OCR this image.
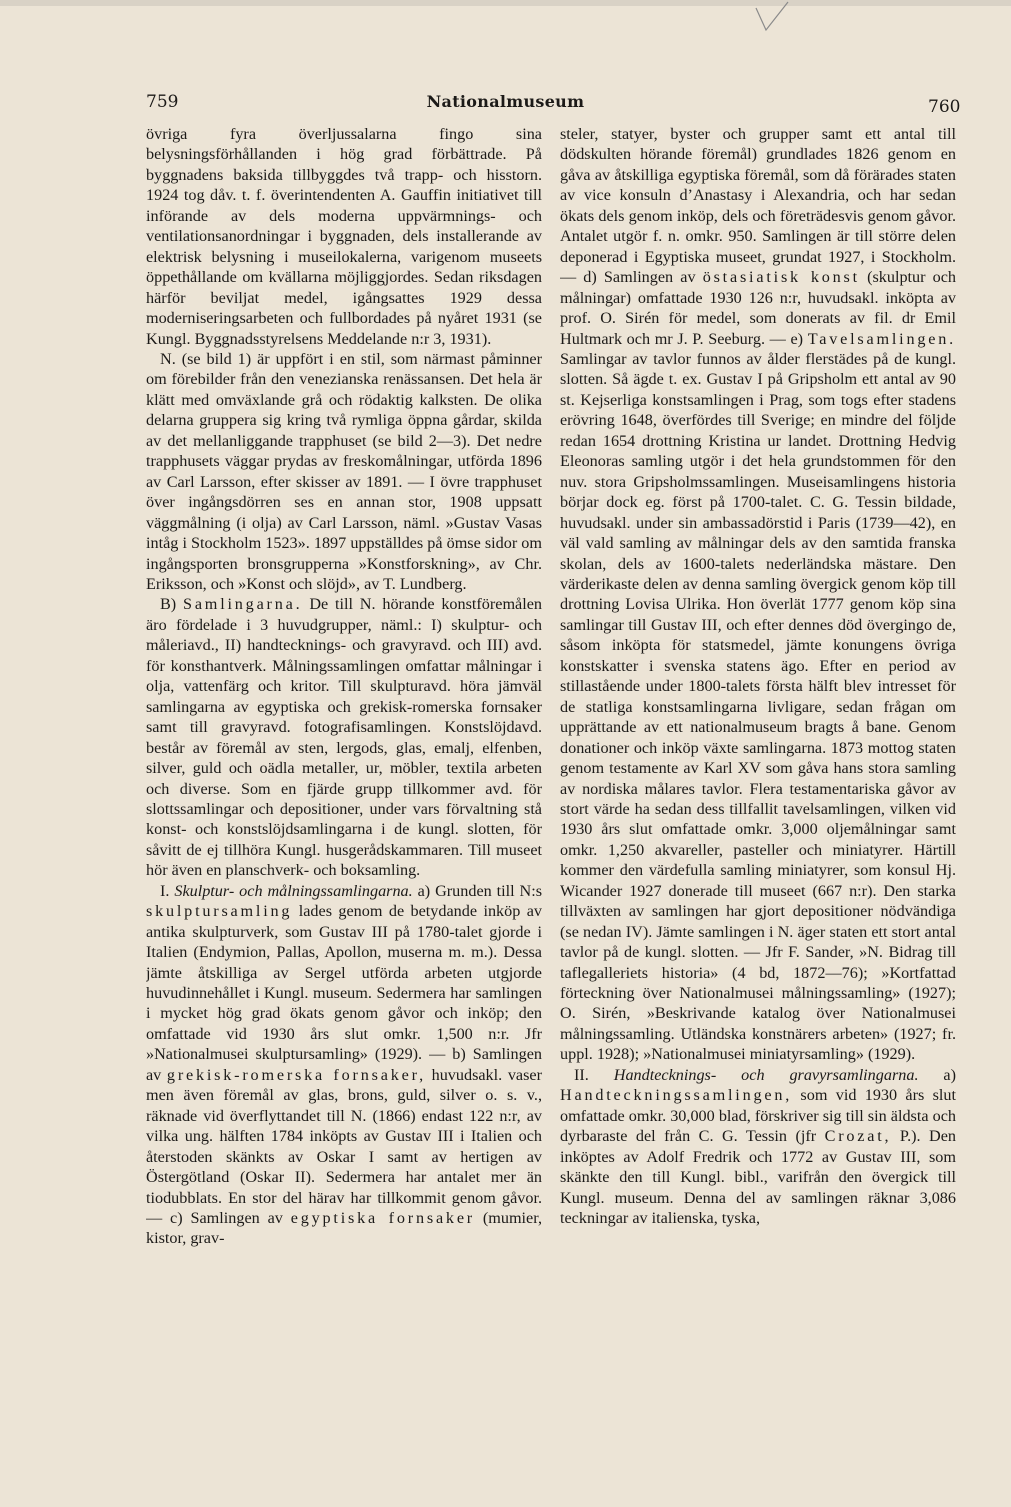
Nationalmuseum
759	760

övriga fyra överljussalarna fingo sina belysningsförhållanden i hög grad förbättrade. På byggnadens baksida tillbyggdes två trapp- och hisstorn. 1924 tog dåv. t. f. överintendenten A. Gauffin initiativet till införande av dels moderna uppvärmnings- och ventilationsanordningar i byggnaden, dels installerande av elektrisk belysning i museilokalerna, varigenom museets öppethållande om kvällarna möjliggjordes. Sedan riksdagen härför beviljat medel, igångsattes 1929 dessa moderniseringsarbeten och fullbordades på nyåret 1931 (se Kungl. Byggnadsstyrelsens Meddelande n:r 3, 1931).

N. (se bild 1) är uppfört i en stil, som närmast påminner om förebilder från den venezianska renässansen. Det hela är klätt med omväxlande grå och rödaktig kalksten. De olika delarna gruppera sig kring två rymliga öppna gårdar, skilda av det mellanliggande trapphuset (se bild 2—3). Det nedre trapphusets väggar prydas av freskomålningar, utförda 1896 av Carl Larsson, efter skisser av 1891. — I övre trapphuset över ingångsdörren ses en annan stor, 1908 uppsatt väggmålning (i olja) av Carl Larsson, näml. »Gustav Vasas intåg i Stockholm 1523». 1897 uppställdes på ömse sidor om ingångsporten bronsgrupperna »Konstforskning», av Chr. Eriksson, och »Konst och slöjd», av T. Lundberg.

B) Samlingarna. De till N. hörande konstföremålen äro fördelade i 3 huvudgrupper, näml.: I) skulptur- och måleriavd., II) handtecknings- och gravyravd. och III) avd. för konsthantverk. Målningssamlingen omfattar målningar i olja, vattenfärg och kritor. Till skulpturavd. höra jämväl samlingarna av egyptiska och grekisk-romerska fornsaker samt till gravyravd. fotografisamlingen. Konstslöjdavd. består av föremål av sten, lergods, glas, emalj, elfenben, silver, guld och oädla metaller, ur, möbler, textila arbeten och diverse. Som en fjärde grupp tillkommer avd. för slottssamlingar och depositioner, under vars förvaltning stå konst- och konstslöjdsamlingarna i de kungl. slotten, för såvitt de ej tillhöra Kungl. husgerådskammaren. Till museet hör även en planschverk- och boksamling.

I. Skulptur- och målningssamlingarna. a) Grunden till N:s skulptursamling lades genom de betydande inköp av antika skulpturverk, som Gustav III på 1780-talet gjorde i Italien (Endymion, Pallas, Apollon, muserna m. m.). Dessa jämte åtskilliga av Sergel utförda arbeten utgjorde huvudinnehållet i Kungl. museum. Sedermera har samlingen i mycket hög grad ökats genom gåvor och inköp; den omfattade vid 1930 års slut omkr. 1,500 n:r. Jfr »Nationalmusei skulptursamling» (1929). — b) Samlingen av grekisk-romerska fornsaker, huvudsakl. vaser men även föremål av glas, brons, guld, silver o. s. v., räknade vid överflyttandet till N. (1866) endast 122 n:r, av vilka ung. hälften 1784 inköpts av Gustav III i Italien och återstoden skänkts av Oskar I samt av hertigen av Östergötland (Oskar II). Sedermera har antalet mer än tiodubblats. En stor del härav har tillkommit genom gåvor. — c) Samlingen av egyptiska fornsaker (mumier, kistor, grav-

steler, statyer, byster och grupper samt ett antal till dödskulten hörande föremål) grundlades 1826 genom en gåva av åtskilliga egyptiska föremål, som då förärades staten av vice konsuln d’Anastasy i Alexandria, och har sedan ökats dels genom inköp, dels och företrädesvis genom gåvor. Antalet utgör f. n. omkr. 950. Samlingen är till större delen deponerad i Egyptiska museet, grundat 1927, i Stockholm. — d) Samlingen av östasiatisk konst (skulptur och målningar) omfattade 1930 126 n:r, huvudsakl. inköpta av prof. O. Sirén för medel, som donerats av fil. dr Emil Hultmark och mr J. P. Seeburg. — e) Tavelsamlingen. Samlingar av tavlor funnos av ålder flerstädes på de kungl. slotten. Så ägde t. ex. Gustav I på Gripsholm ett antal av 90 st. Kejserliga konstsamlingen i Prag, som togs efter stadens erövring 1648, överfördes till Sverige; en mindre del följde redan 1654 drottning Kristina ur landet. Drottning Hedvig Eleonoras samling utgör i det hela grundstommen för den nuv. stora Gripsholmssamlingen. Museisamlingens historia börjar dock eg. först på 1700-talet. C. G. Tessin bildade, huvudsakl. under sin ambassadörstid i Paris (1739—42), en väl vald samling av målningar dels av den samtida franska skolan, dels av 1600-talets nederländska mästare. Den värderikaste delen av denna samling övergick genom köp till drottning Lovisa Ulrika. Hon överlät 1777 genom köp sina samlingar till Gustav III, och efter dennes död övergingo de, såsom inköpta för statsmedel, jämte konungens övriga konstskatter i svenska statens ägo. Efter en period av stillastående under 1800-talets första hälft blev intresset för de statliga konstsamlingarna livligare, sedan frågan om upprättande av ett nationalmuseum bragts å bane. Genom donationer och inköp växte samlingarna. 1873 mottog staten genom testamente av Karl XV som gåva hans stora samling av nordiska målares tavlor. Flera testamentariska gåvor av stort värde ha sedan dess tillfallit tavelsamlingen, vilken vid 1930 års slut omfattade omkr. 3,000 oljemålningar samt omkr. 1,250 akvareller, pasteller och miniatyrer. Härtill kommer den värdefulla samling miniatyrer, som konsul Hj. Wicander 1927 donerade till museet (667 n:r). Den starka tillväxten av samlingen har gjort depositioner nödvändiga (se nedan IV). Jämte samlingen i N. äger staten ett stort antal tavlor på de kungl. slotten. — Jfr F. Sander, »N. Bidrag till taflegalleriets historia» (4 bd, 1872—76); »Kortfattad förteckning över Nationalmusei målningssamling» (1927); O. Sirén, »Beskrivande katalog över Nationalmusei målningssamling. Utländska konstnärers arbeten» (1927; fr. uppl. 1928); »Nationalmusei miniatyrsamling» (1929).

II. Handtecknings- och gravyrsamlingarna. a) Handteckningssamlingen, som vid 1930 års slut omfattade omkr. 30,000 blad, förskriver sig till sin äldsta och dyrbaraste del från C. G. Tessin (jfr Crozat, P.). Den inköptes av Adolf Fredrik och 1772 av Gustav III, som skänkte den till Kungl. bibl., varifrån den övergick till Kungl. museum. Denna del av samlingen räknar 3,086 teckningar av italienska, tyska,
